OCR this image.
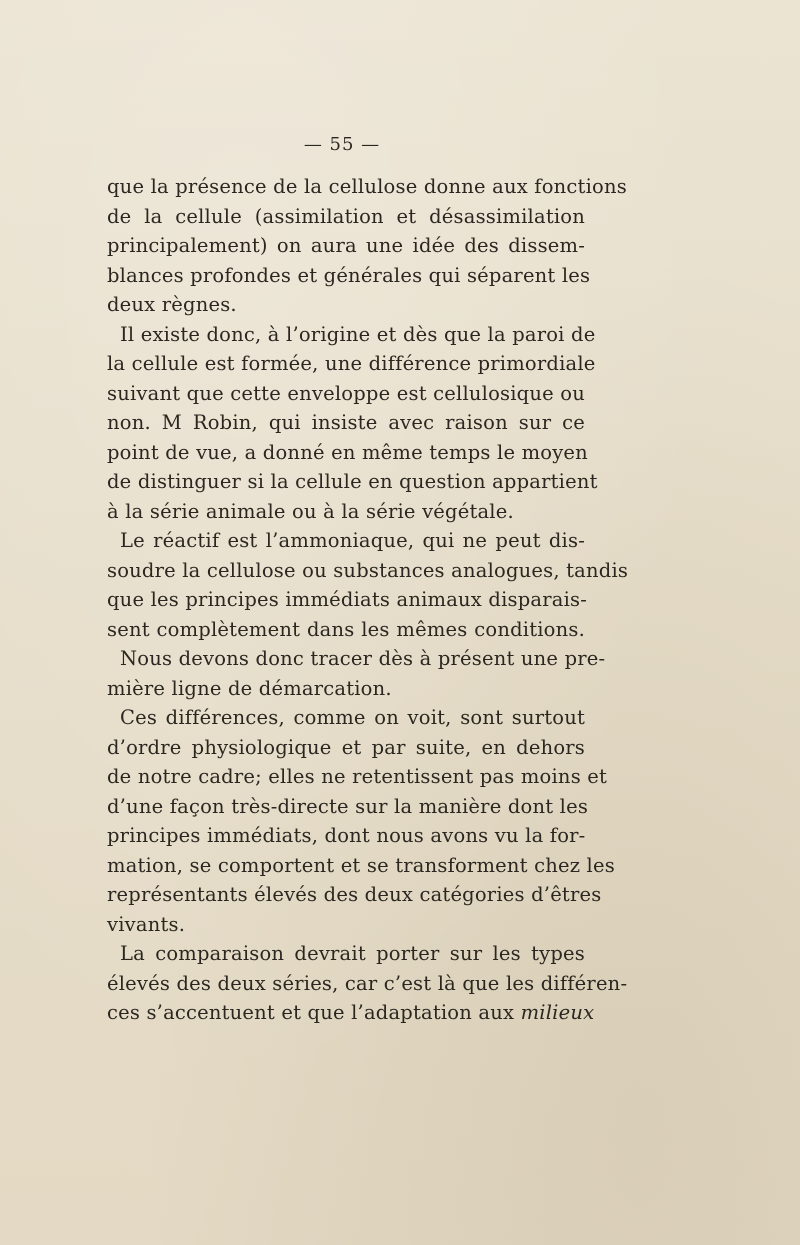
— 55 —
que la présence de la cellulose donne aux fonctions
de la cellule (assimilation et désassimilation
principalement) on aura une idée des dissem-
blances profondes et générales qui séparent les
deux règnes.
Il existe donc, à l’origine et dès que la paroi de
la cellule est formée, une différence primordiale
suivant que cette enveloppe est cellulosique ou
non. M Robin, qui insiste avec raison sur ce
point de vue, a donné en même temps le moyen
de distinguer si la cellule en question appartient
à la série animale ou à la série végétale.
Le réactif est l’ammoniaque, qui ne peut dis-
soudre la cellulose ou substances analogues, tandis
que les principes immédiats animaux disparais-
sent complètement dans les mêmes conditions.
Nous devons donc tracer dès à présent une pre-
mière ligne de démarcation.
Ces différences, comme on voit, sont surtout
d’ordre physiologique et par suite, en dehors
de notre cadre; elles ne retentissent pas moins et
d’une façon très-directe sur la manière dont les
principes immédiats, dont nous avons vu la for-
mation, se comportent et se transforment chez les
représentants élevés des deux catégories d’êtres
vivants.
La comparaison devrait porter sur les types
élevés des deux séries, car c’est là que les différen-
ces s’accentuent et que l’adaptation aux milieux
